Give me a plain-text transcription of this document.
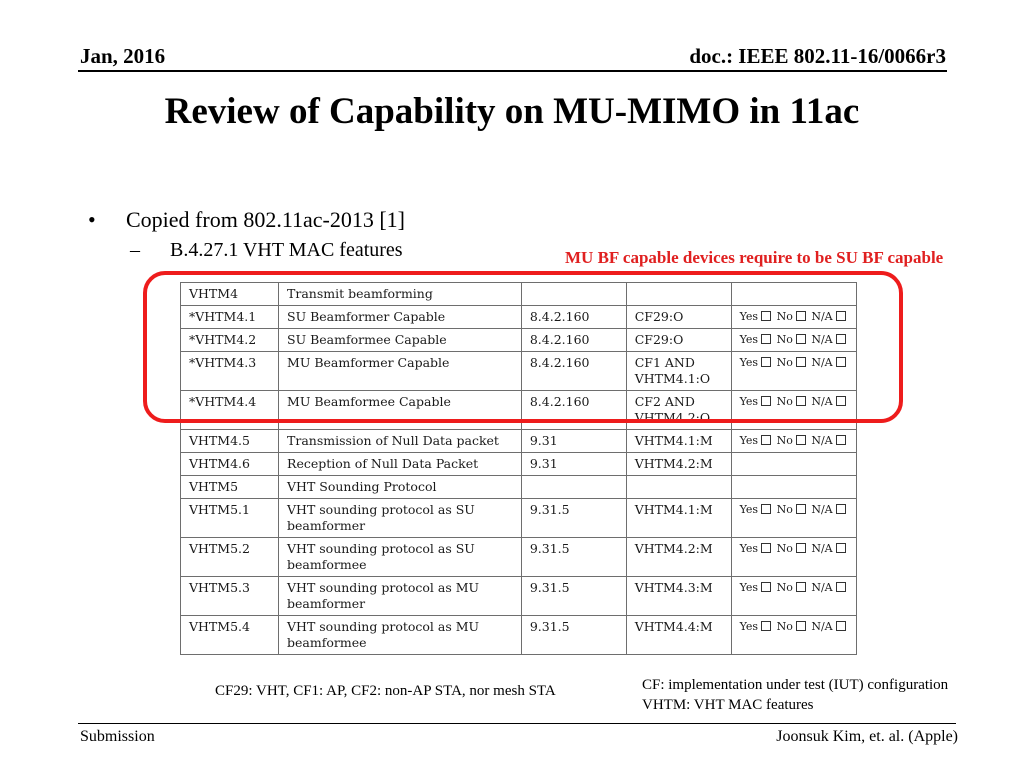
Jan, 2016	doc.: IEEE 802.11-16/0066r3
Review of Capability on MU-MIMO in 11ac
• Copied from 802.11ac-2013 [1]
– B.4.27.1 VHT MAC features	MU BF capable devices require to be SU BF capable
VHTM4	Transmit beamforming			
*VHTM4.1	SU Beamformer Capable	8.4.2.160	CF29:O	Yes No N/A
*VHTM4.2	SU Beamformee Capable	8.4.2.160	CF29:O	Yes No N/A
*VHTM4.3	MU Beamformer Capable	8.4.2.160	CF1 AND VHTM4.1:O	Yes No N/A
*VHTM4.4	MU Beamformee Capable	8.4.2.160	CF2 AND VHTM4.2:O	Yes No N/A
VHTM4.5	Transmission of Null Data packet	9.31	VHTM4.1:M	Yes No N/A
VHTM4.6	Reception of Null Data Packet	9.31	VHTM4.2:M	
VHTM5	VHT Sounding Protocol			
VHTM5.1	VHT sounding protocol as SU beamformer	9.31.5	VHTM4.1:M	Yes No N/A
VHTM5.2	VHT sounding protocol as SU beamformee	9.31.5	VHTM4.2:M	Yes No N/A
VHTM5.3	VHT sounding protocol as MU beamformer	9.31.5	VHTM4.3:M	Yes No N/A
VHTM5.4	VHT sounding protocol as MU beamformee	9.31.5	VHTM4.4:M	Yes No N/A
CF29: VHT, CF1: AP, CF2: non-AP STA, nor mesh STA	CF: implementation under test (IUT) configuration
VHTM: VHT MAC features
Submission	Joonsuk Kim, et. al. (Apple)
